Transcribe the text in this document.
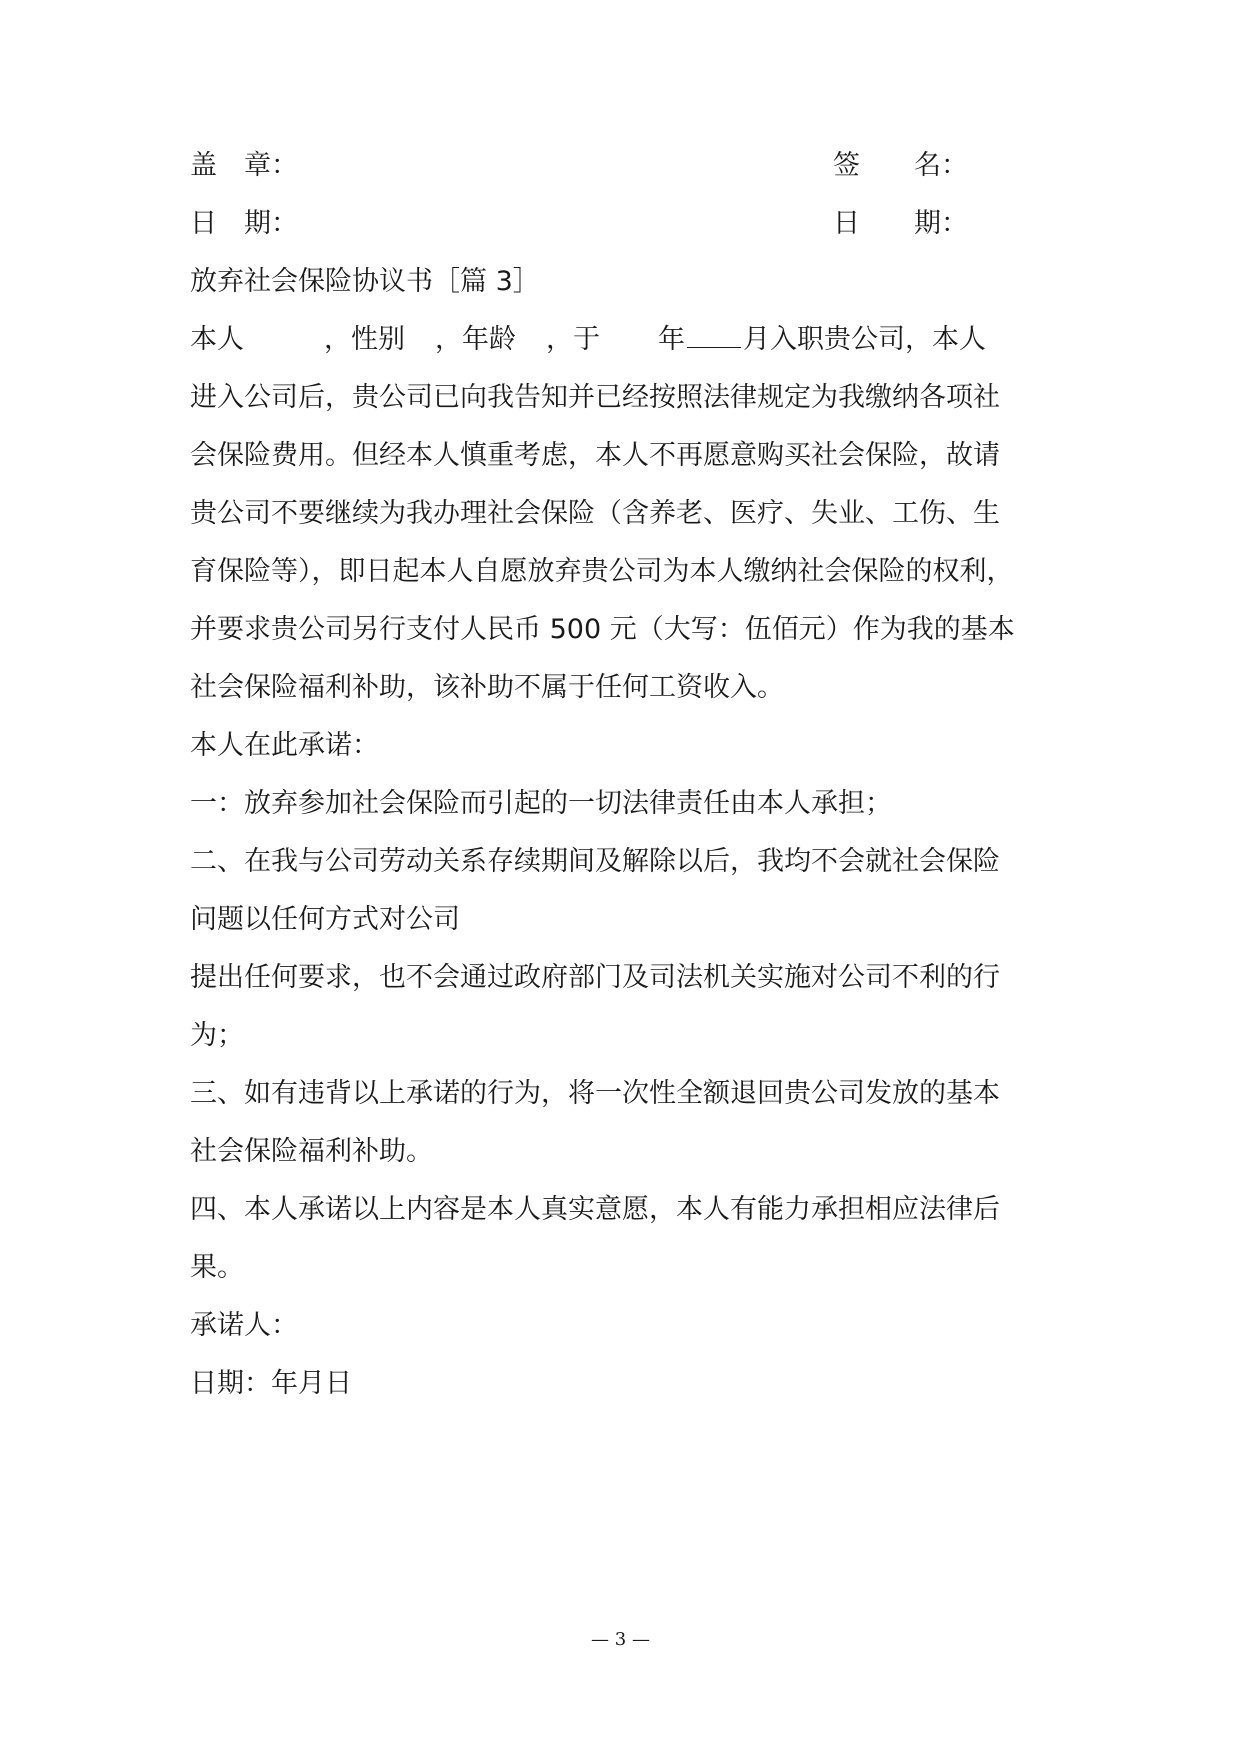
盖　章：	签　　名：
日　期：	日　　期：
放弃社会保险协议书［篇 3］
本人	，性别 ，年龄 ，于 年 月入职贵公司，本人
进入公司后，贵公司已向我告知并已经按照法律规定为我缴纳各项社
会保险费用。但经本人慎重考虑，本人不再愿意购买社会保险，故请
贵公司不要继续为我办理社会保险（含养老、医疗、失业、工伤、生
育保险等），即日起本人自愿放弃贵公司为本人缴纳社会保险的权利，
并要求贵公司另行支付人民币 500 元（大写：伍佰元）作为我的基本
社会保险福利补助，该补助不属于任何工资收入。
本人在此承诺：
一：放弃参加社会保险而引起的一切法律责任由本人承担；
二、在我与公司劳动关系存续期间及解除以后，我均不会就社会保险
问题以任何方式对公司
提出任何要求，也不会通过政府部门及司法机关实施对公司不利的行
为；
三、如有违背以上承诺的行为，将一次性全额退回贵公司发放的基本
社会保险福利补助。
四、本人承诺以上内容是本人真实意愿，本人有能力承担相应法律后
果。
承诺人：
日期：年月日
— 3 —
